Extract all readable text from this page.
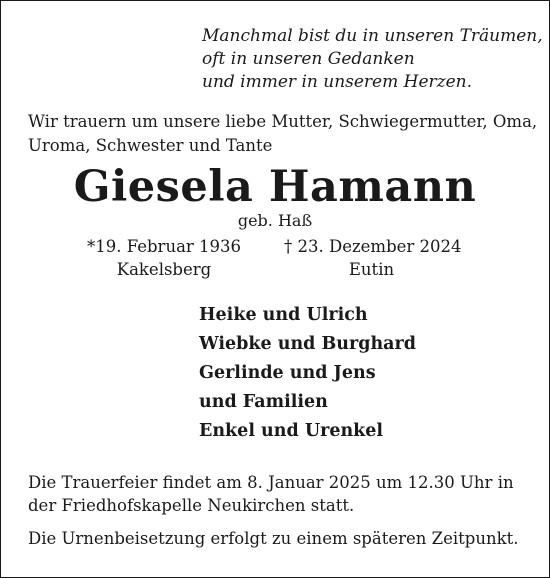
Manchmal bist du in unseren Träumen,
oft in unseren Gedanken
und immer in unserem Herzen.
Wir trauern um unsere liebe Mutter, Schwiegermutter, Oma,
Uroma, Schwester und Tante
Giesela Hamann
geb. Haß
*19. Februar 1936
Kakelsberg
† 23. Dezember 2024
Eutin
Heike und Ulrich
Wiebke und Burghard
Gerlinde und Jens
und Familien
Enkel und Urenkel
Die Trauerfeier findet am 8. Januar 2025 um 12.30 Uhr in
der Friedhofskapelle Neukirchen statt.
Die Urnenbeisetzung erfolgt zu einem späteren Zeitpunkt.
